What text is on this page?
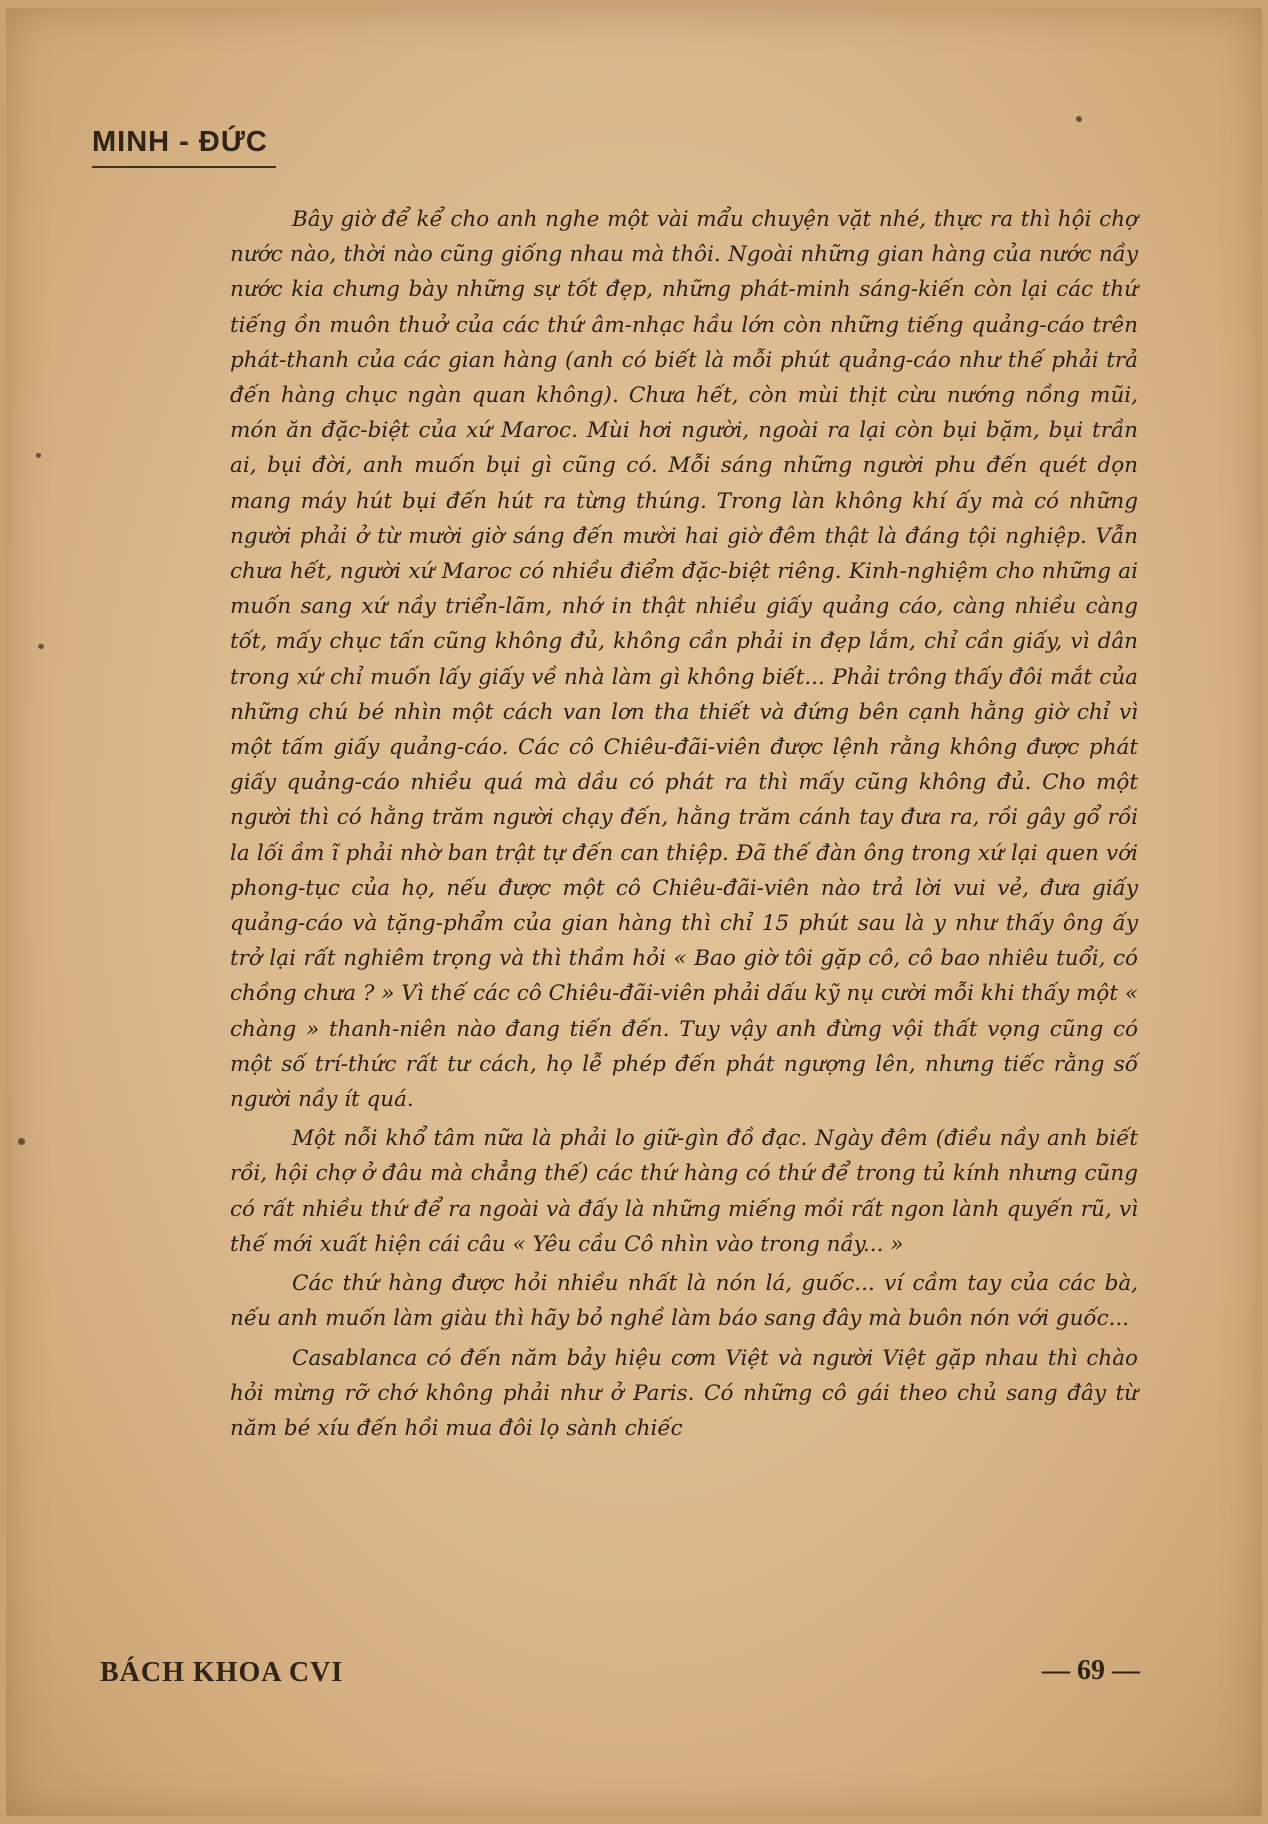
MINH - ĐỨC

Bây giờ để kể cho anh nghe một vài mẩu chuyện vặt nhé, thực ra thì hội chợ nước nào, thời nào cũng giống nhau mà thôi. Ngoài những gian hàng của nước nầy nước kia chưng bày những sự tốt đẹp, những phát-minh sáng-kiến còn lại các thứ tiếng ồn muôn thuở của các thứ âm-nhạc hầu lớn còn những tiếng quảng-cáo trên phát-thanh của các gian hàng (anh có biết là mỗi phút quảng-cáo như thế phải trả đến hàng chục ngàn quan không). Chưa hết, còn mùi thịt cừu nướng nồng mũi, món ăn đặc-biệt của xứ Maroc. Mùi hơi người, ngoài ra lại còn bụi bặm, bụi trần ai, bụi đời, anh muốn bụi gì cũng có. Mỗi sáng những người phu đến quét dọn mang máy hút bụi đến hút ra từng thúng. Trong làn không khí ấy mà có những người phải ở từ mười giờ sáng đến mười hai giờ đêm thật là đáng tội nghiệp. Vẫn chưa hết, người xứ Maroc có nhiều điểm đặc-biệt riêng. Kinh-nghiệm cho những ai muốn sang xứ nầy triển-lãm, nhớ in thật nhiều giấy quảng cáo, càng nhiều càng tốt, mấy chục tấn cũng không đủ, không cần phải in đẹp lắm, chỉ cần giấy, vì dân trong xứ chỉ muốn lấy giấy về nhà làm gì không biết... Phải trông thấy đôi mắt của những chú bé nhìn một cách van lơn tha thiết và đứng bên cạnh hằng giờ chỉ vì một tấm giấy quảng-cáo. Các cô Chiêu-đãi-viên được lệnh rằng không được phát giấy quảng-cáo nhiều quá mà dầu có phát ra thì mấy cũng không đủ. Cho một người thì có hằng trăm người chạy đến, hằng trăm cánh tay đưa ra, rồi gây gổ rồi la lối ầm ĩ phải nhờ ban trật tự đến can thiệp. Đã thế đàn ông trong xứ lại quen với phong-tục của họ, nếu được một cô Chiêu-đãi-viên nào trả lời vui vẻ, đưa giấy quảng-cáo và tặng-phẩm của gian hàng thì chỉ 15 phút sau là y như thấy ông ấy trở lại rất nghiêm trọng và thì thầm hỏi « Bao giờ tôi gặp cô, cô bao nhiêu tuổi, có chồng chưa ? » Vì thế các cô Chiêu-đãi-viên phải dấu kỹ nụ cười mỗi khi thấy một « chàng » thanh-niên nào đang tiến đến. Tuy vậy anh đừng vội thất vọng cũng có một số trí-thức rất tư cách, họ lễ phép đến phát ngượng lên, nhưng tiếc rằng số người nầy ít quá.

Một nỗi khổ tâm nữa là phải lo giữ-gìn đồ đạc. Ngày đêm (điều nầy anh biết rồi, hội chợ ở đâu mà chẳng thế) các thứ hàng có thứ để trong tủ kính nhưng cũng có rất nhiều thứ để ra ngoài và đấy là những miếng mồi rất ngon lành quyến rũ, vì thế mới xuất hiện cái câu « Yêu cầu Cô nhìn vào trong nầy... »

Các thứ hàng được hỏi nhiều nhất là nón lá, guốc... ví cầm tay của các bà, nếu anh muốn làm giàu thì hãy bỏ nghề làm báo sang đây mà buôn nón với guốc...

Casablanca có đến năm bảy hiệu cơm Việt và người Việt gặp nhau thì chào hỏi mừng rỡ chớ không phải như ở Paris. Có những cô gái theo chủ sang đây từ năm bé xíu đến hồi mua đôi lọ sành chiếc

BÁCH KHOA CVI	— 69 —
